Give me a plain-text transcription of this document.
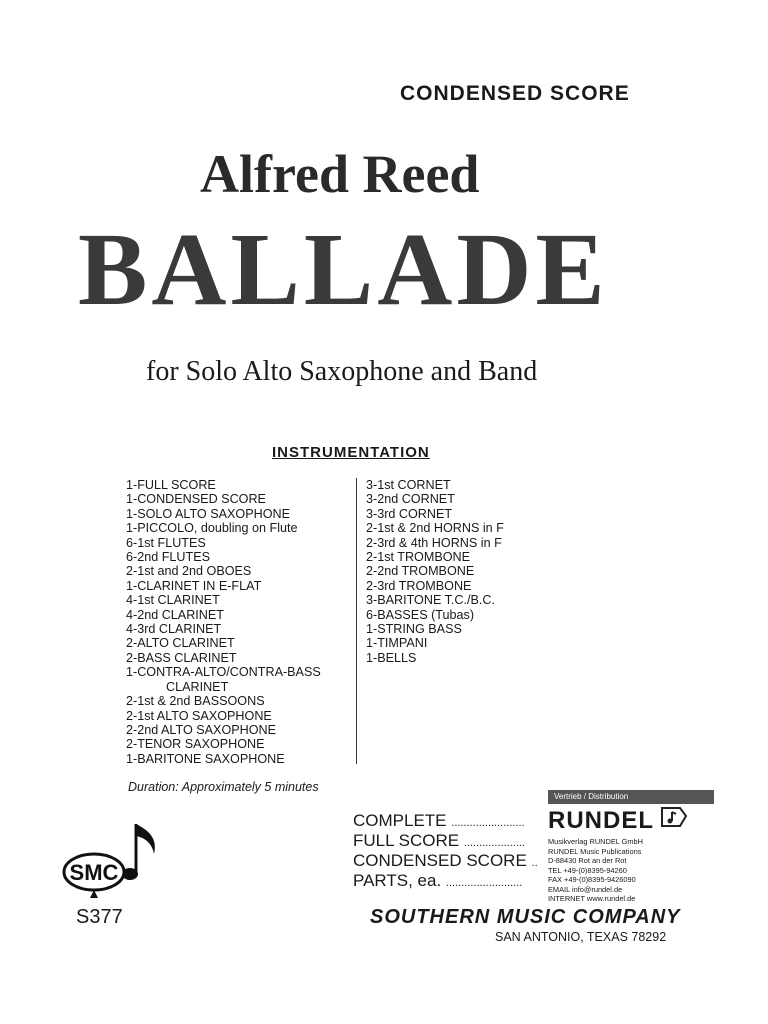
CONDENSED SCORE
Alfred Reed
BALLADE
for Solo Alto Saxophone and Band
INSTRUMENTATION
1-FULL SCORE
1-CONDENSED SCORE
1-SOLO ALTO SAXOPHONE
1-PICCOLO, doubling on Flute
6-1st FLUTES
6-2nd FLUTES
2-1st and 2nd OBOES
1-CLARINET IN E-FLAT
4-1st CLARINET
4-2nd CLARINET
4-3rd CLARINET
2-ALTO CLARINET
2-BASS CLARINET
1-CONTRA-ALTO/CONTRA-BASS
CLARINET
2-1st & 2nd BASSOONS
2-1st ALTO SAXOPHONE
2-2nd ALTO SAXOPHONE
2-TENOR SAXOPHONE
1-BARITONE SAXOPHONE
3-1st CORNET
3-2nd CORNET
3-3rd CORNET
2-1st & 2nd HORNS in F
2-3rd & 4th HORNS in F
2-1st TROMBONE
2-2nd TROMBONE
2-3rd TROMBONE
3-BARITONE T.C./B.C.
6-BASSES (Tubas)
1-STRING BASS
1-TIMPANI
1-BELLS
Duration: Approximately 5 minutes
COMPLETE ........................
FULL SCORE ....................
CONDENSED SCORE ..
PARTS, ea. .........................
Vertrieb / Distribution
RUNDEL
Musikverlag RUNDEL GmbH
RUNDEL Music Publications
D-88430 Rot an der Rot
TEL +49-(0)8395-94260
FAX +49-(0)8395-9426090
EMAIL info@rundel.de
INTERNET www.rundel.de
SMC
S377	SOUTHERN MUSIC COMPANY
SAN ANTONIO, TEXAS 78292
